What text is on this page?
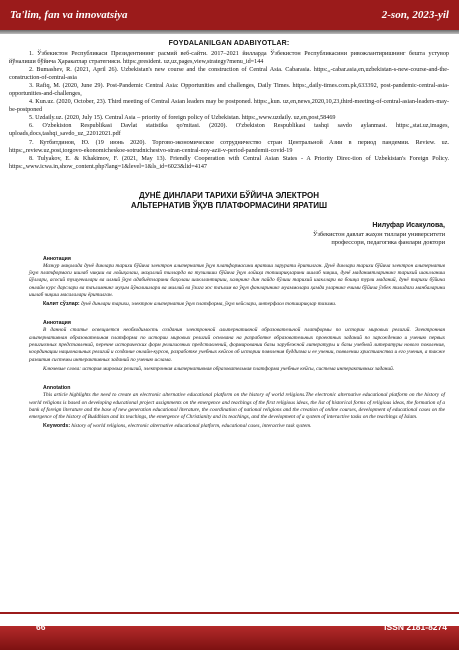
Ta'lim, fan va innovatsiya	2-son, 2023-yil
FOYDALANILGAN ADABIYOTLAR:
1. Ўзбекистон Республикаси Президентининг расмий веб-сайти. 2017–2021 йилларда Ўзбекистон Республикасини ривожлантиришнинг бешта устувор йўналиши бўйича Ҳаракатлар стратегияси. https:,president. uz,uz,pages,view,strategy?menu_id=144
2. Bumashev, R. (2021, April 26). Uzbekistan's new course and the construction of Central Asia. Cabarasia. https:,,-cabar.asia,en,uzbekistan-s-new-course-and-the-construction-of-central-asia
3. Rafiq, M. (2020, June 29). Post-Pandemic Central Asia: Opportunities and challenges, Daily Times. https:,,daily-times.com.pk,633392, post-pandemic-central-asia-opportunities-and-challenges,
4. Kun.uz. (2020, October, 23). Third meeting of Central Asian leaders may be postponed. https:,,kun. uz,en,news,2020,10,23,third-meeting-of-central-asian-leaders-may-be-postponed
5. Uzdaily.uz. (2020, July 15). Central Asia – priority of foreign policy of Uzbekistan. https:,,www.uzdaily. uz,en,post,58469
6. O'zbekiston Respublikasi Davlat statistika qo'mitasi. (2020). O'zbekiston Respublikasi tashqi savdo aylanmasi. https:,,stat.uz,images, uploads,docs,tashqi_savdo_uz_22012021.pdf
7. Кутбитдинов, Ю. (19 июнь 2020). Торгово-экономическое сотрудничество стран Центральной Азии в период пандемии. Review. uz. https:,,review.uz,post,torgovo-ekonomicheskoe-sotrudnichestvo-stran-central-noy-azii-v-period-pandemii-covid-19
8. Tulyakov, E. & Khakimov, F. (2021, May 13). Friendly Cooperation with Central Asian States - A Priority Direc-tion of Uzbekistan's Foreign Policy. https:,,www.icwa.in,show_content.php?lang=1&level=1&ls_id=6023&lid=4147
ДУНЁ ДИНЛАРИ ТАРИХИ БЎЙИЧА ЭЛЕКТРОН
АЛЬТЕРНАТИВ ЎҚУВ ПЛАТФОРМАСИНИ ЯРАТИШ
Нилуфар Исакулова,
Ўзбекистон давлат жаҳон тиллари университети
профессори, педагогика фанлари доктори
Аннотация

Мазкур мақолада дунё динлари тарихи бўйича электрон альтернатив ўқув платформасини яратиш зарурати ёритилган. Дунё динлари тарихи бўйича электрон альтернатив ўқув платформаси ишлаб чиқиш ва лойиҳалаш, маҳаллий тилларда ва тузилиши бўйича ўқув лойиҳа топшириқларини ишлаб чиқиш, дунё маданиятларининг тарихий шаклланиш йўллари, асосий тушунчалари ва илмий ўқув адабиётларини баҳолаш шакллантириш, халқнинг дин пайдо бўлиш тарихий шакллари ва бошқа турли маданий, дунё тарихи бўйича онлайн курс дарслари ва таълимнинг муҳим йўналишлари ва миллий ва ўзига хос таълим ва ўқув фанларининг муаммолари ҳамда уларнинг ечими бўйича ўзбек тилидаги манбаларини ишлаб чиқиш масалалари ёритилган.

Калит сўзлар: дунё динлари тарихи, электрон альтернатив ўқув платформа, ўқув кейслари, интерфаол топшириқлар тизими.

Аннотация

В данной статье освещается необходимость создания электронной альтернативной образовательной платформы по истории мировых религий. Электронная альтернативная образовательная платформа по истории мировых религий основана на разработке образовательных проектных заданий по зарождению и учению первых религиозных представлений, перечне исторических форм религиозных представлений, формировании базы зарубежной литературы и базы учебной литературы нового поколения, координации национальных религий и создание онлайн-курсов, разработке учебных кейсов об истории появления буддизма и ее учении, появлении христианства и его учения, а также развития системы интерактивных заданий по учению ислама.

Ключевые слова: история мировых религий, электронная альтернативная образовательная платформа учебные кейсы, система интерактивных заданий.

Annotation

This article highlights the need to create an electronic alternative educational platform on the history of world religions.The electronic alternative educational platform on the history of world religions is based on developing educational project assignments on the emergence and teachings of the first religious ideas, the list of historical forms of religious ideas, the formation of a bank of foreign literature and the base of new generation educational literature, the coordination of national religions and the creation of online courses, development of educational cases on the emergence of the history of Buddhism and its teachings, the emergence of Christianity and its teachings, and the development of a system of interactive tasks on the teachings of Islam.

Keywords: history of world religions, electronic alternative educational platform, educational cases, interactive task system.

66	ISSN 2181-8274
